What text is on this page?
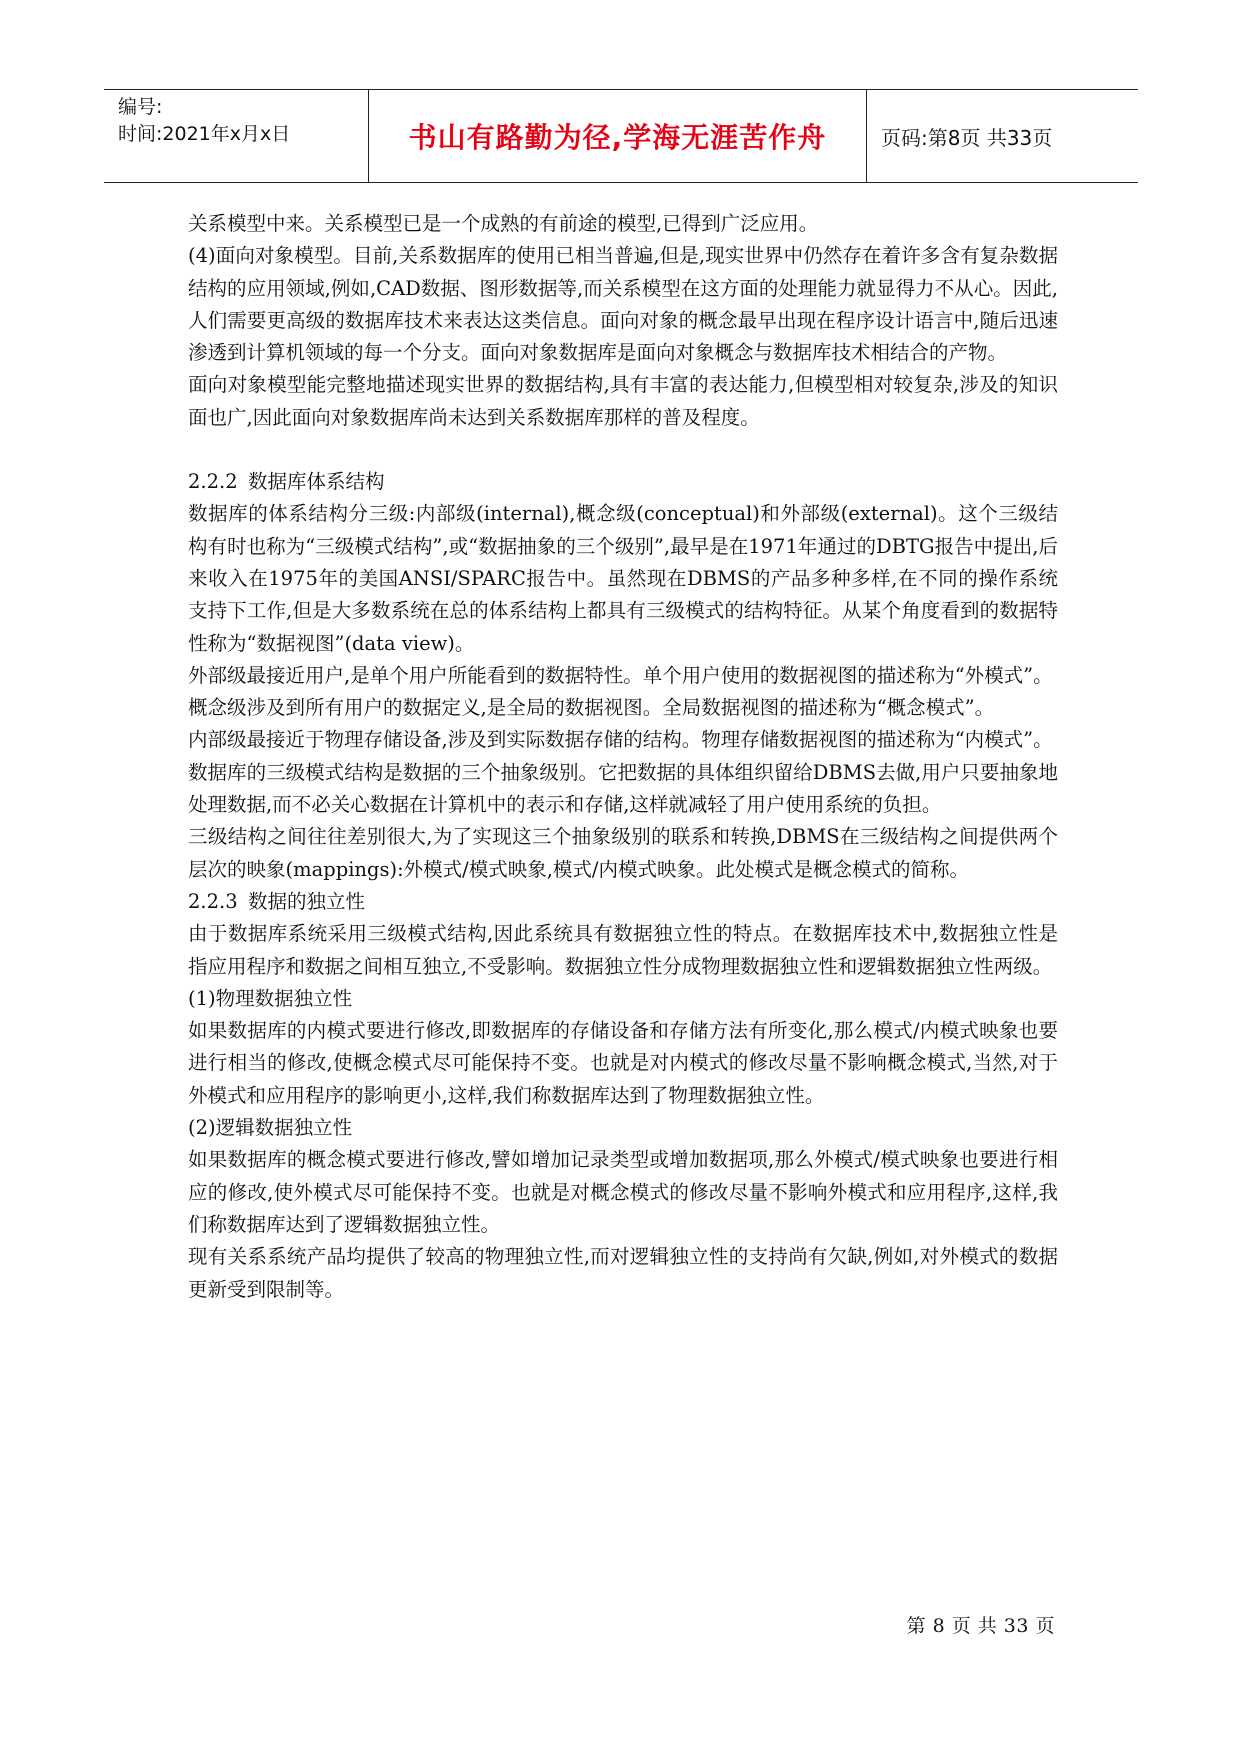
编号:
时间:2021年x月x日	书山有路勤为径,学海无涯苦作舟	页码:第8页 共33页

关系模型中来。关系模型已是一个成熟的有前途的模型,已得到广泛应用。

(4)面向对象模型。目前,关系数据库的使用已相当普遍,但是,现实世界中仍然存在着许多含有复杂数据结构的应用领域,例如,CAD数据、图形数据等,而关系模型在这方面的处理能力就显得力不从心。因此,人们需要更高级的数据库技术来表达这类信息。面向对象的概念最早出现在程序设计语言中,随后迅速渗透到计算机领域的每一个分支。面向对象数据库是面向对象概念与数据库技术相结合的产物。

面向对象模型能完整地描述现实世界的数据结构,具有丰富的表达能力,但模型相对较复杂,涉及的知识面也广,因此面向对象数据库尚未达到关系数据库那样的普及程度。

2.2.2 数据库体系结构

数据库的体系结构分三级:内部级(internal),概念级(conceptual)和外部级(external)。这个三级结构有时也称为“三级模式结构”,或“数据抽象的三个级别”,最早是在1971年通过的DBTG报告中提出,后来收入在1975年的美国ANSI/SPARC报告中。虽然现在DBMS的产品多种多样,在不同的操作系统支持下工作,但是大多数系统在总的体系结构上都具有三级模式的结构特征。从某个角度看到的数据特性称为“数据视图”(data view)。

外部级最接近用户,是单个用户所能看到的数据特性。单个用户使用的数据视图的描述称为“外模式”。

概念级涉及到所有用户的数据定义,是全局的数据视图。全局数据视图的描述称为“概念模式”。

内部级最接近于物理存储设备,涉及到实际数据存储的结构。物理存储数据视图的描述称为“内模式”。

数据库的三级模式结构是数据的三个抽象级别。它把数据的具体组织留给DBMS去做,用户只要抽象地处理数据,而不必关心数据在计算机中的表示和存储,这样就减轻了用户使用系统的负担。

三级结构之间往往差别很大,为了实现这三个抽象级别的联系和转换,DBMS在三级结构之间提供两个层次的映象(mappings):外模式/模式映象,模式/内模式映象。此处模式是概念模式的简称。

2.2.3 数据的独立性

由于数据库系统采用三级模式结构,因此系统具有数据独立性的特点。在数据库技术中,数据独立性是指应用程序和数据之间相互独立,不受影响。数据独立性分成物理数据独立性和逻辑数据独立性两级。

(1)物理数据独立性

如果数据库的内模式要进行修改,即数据库的存储设备和存储方法有所变化,那么模式/内模式映象也要进行相当的修改,使概念模式尽可能保持不变。也就是对内模式的修改尽量不影响概念模式,当然,对于外模式和应用程序的影响更小,这样,我们称数据库达到了物理数据独立性。

(2)逻辑数据独立性

如果数据库的概念模式要进行修改,譬如增加记录类型或增加数据项,那么外模式/模式映象也要进行相应的修改,使外模式尽可能保持不变。也就是对概念模式的修改尽量不影响外模式和应用程序,这样,我们称数据库达到了逻辑数据独立性。

现有关系系统产品均提供了较高的物理独立性,而对逻辑独立性的支持尚有欠缺,例如,对外模式的数据更新受到限制等。

第 8 页 共 33 页
